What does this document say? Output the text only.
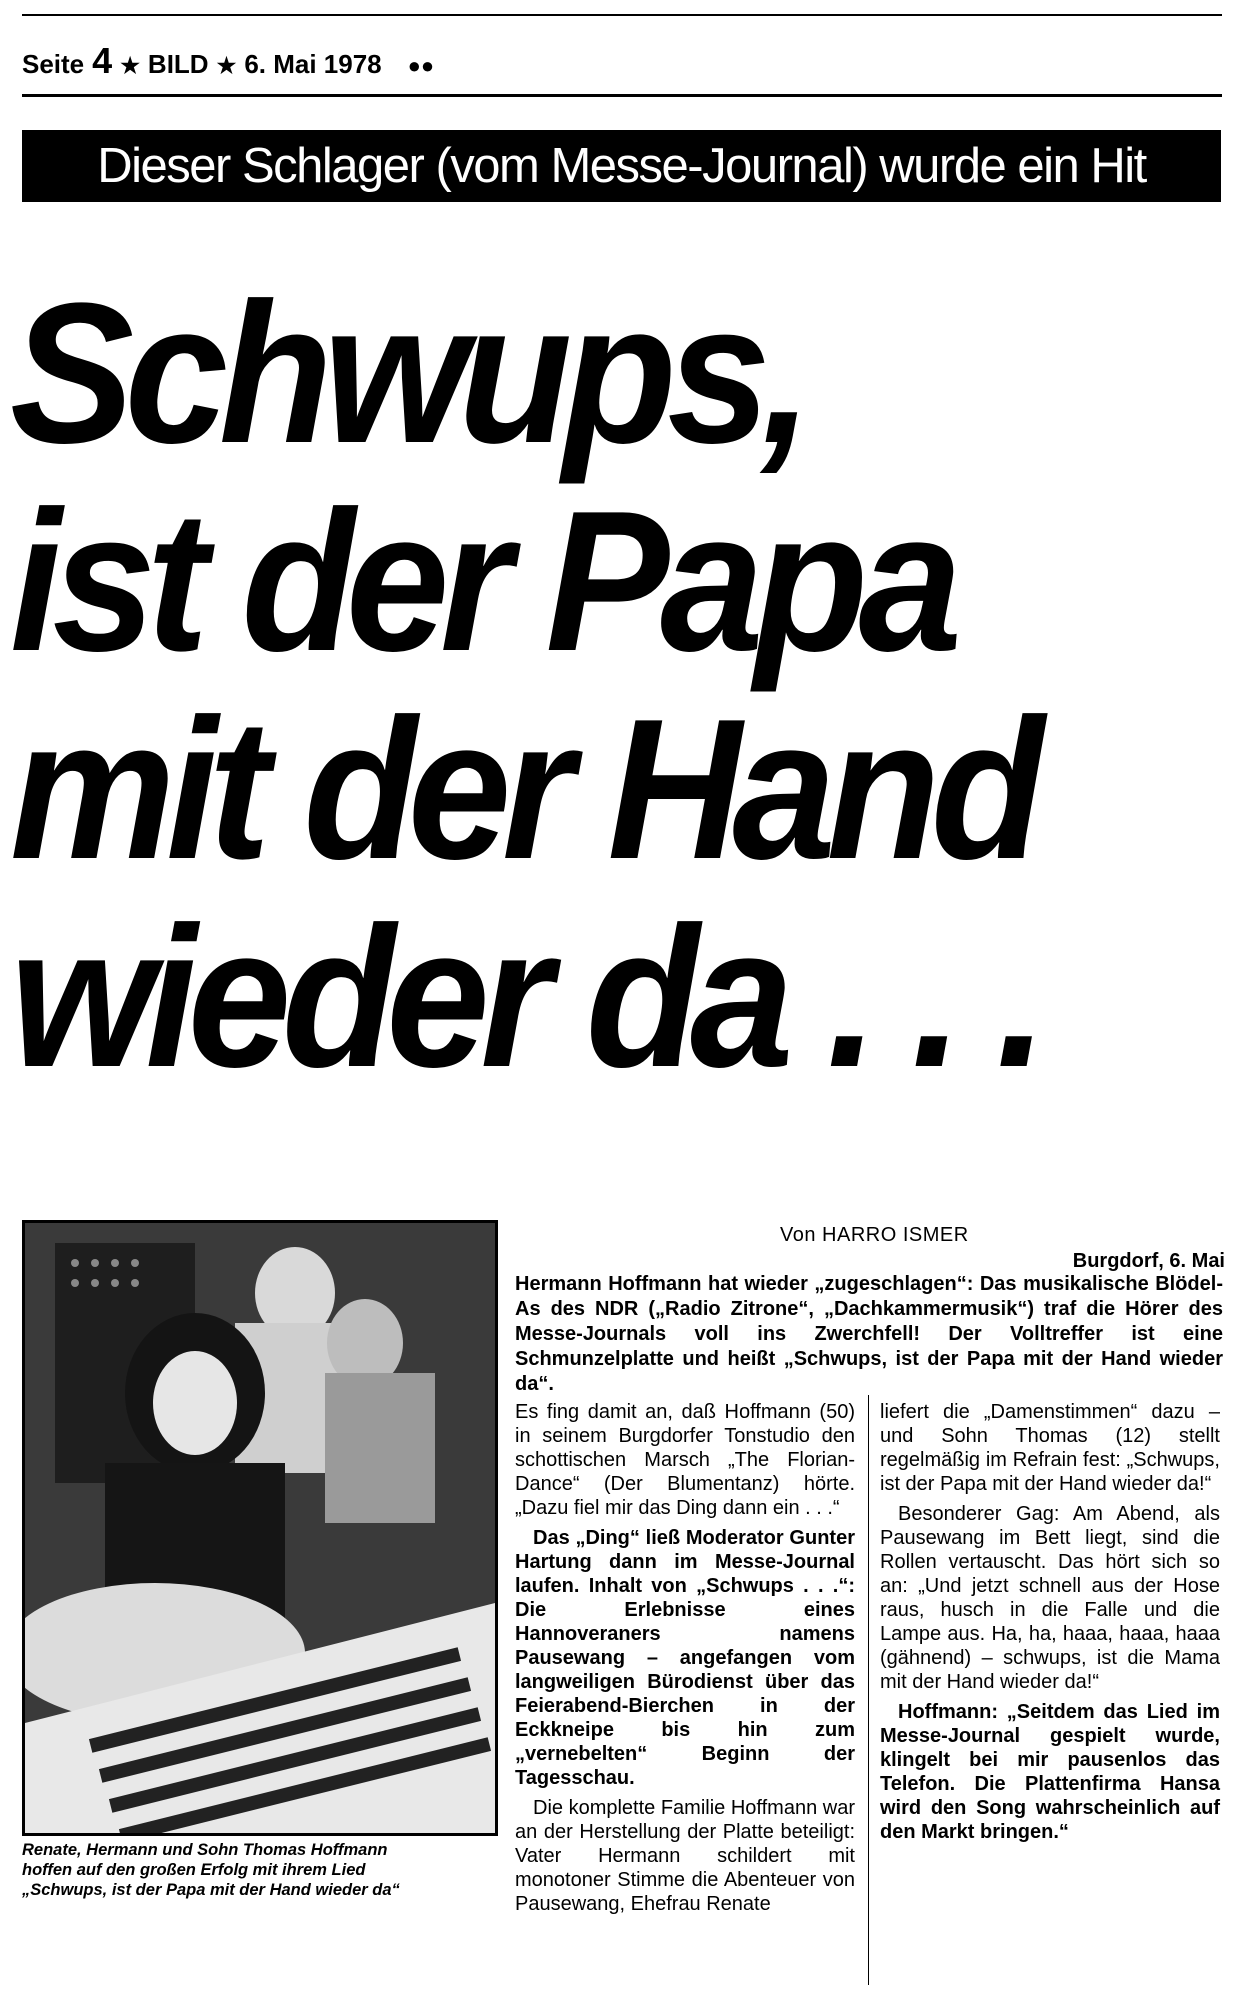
Seite 4 ★ BILD ★ 6. Mai 1978 ●●
Dieser Schlager (vom Messe-Journal) wurde ein Hit
Schwups,
ist der Papa
mit der Hand
wieder da . . .
Renate, Hermann und Sohn Thomas Hoffmann
hoffen auf den großen Erfolg mit ihrem Lied
„Schwups, ist der Papa mit der Hand wieder da“
Von HARRO ISMER
Burgdorf, 6. Mai
Hermann Hoffmann hat wieder „zugeschlagen“: Das musikalische Blödel-As des NDR („Radio Zitrone“, „Dachkammermusik“) traf die Hörer des Messe-Journals voll ins Zwerchfell! Der Volltreffer ist eine Schmunzelplatte und heißt „Schwups, ist der Papa mit der Hand wieder da“.

Es fing damit an, daß Hoffmann (50) in seinem Burgdorfer Tonstudio den schottischen Marsch „The Florian-Dance“ (Der Blumentanz) hörte. „Dazu fiel mir das Ding dann ein . . .“

Das „Ding“ ließ Moderator Gunter Hartung dann im Messe-Journal laufen. Inhalt von „Schwups . . .“: Die Erlebnisse eines Hannoveraners namens Pausewang – angefangen vom langweiligen Bürodienst über das Feierabend-Bierchen in der Eckkneipe bis hin zum „vernebelten“ Beginn der Tagesschau.

Die komplette Familie Hoffmann war an der Herstellung der Platte beteiligt: Vater Hermann schildert mit monotoner Stimme die Abenteuer von Pausewang, Ehefrau Renate

liefert die „Damenstimmen“ dazu – und Sohn Thomas (12) stellt regelmäßig im Refrain fest: „Schwups, ist der Papa mit der Hand wieder da!“

Besonderer Gag: Am Abend, als Pausewang im Bett liegt, sind die Rollen vertauscht. Das hört sich so an: „Und jetzt schnell aus der Hose raus, husch in die Falle und die Lampe aus. Ha, ha, haaa, haaa, haaa (gähnend) – schwups, ist die Mama mit der Hand wieder da!“

Hoffmann: „Seitdem das Lied im Messe-Journal gespielt wurde, klingelt bei mir pausenlos das Telefon. Die Plattenfirma Hansa wird den Song wahrscheinlich auf den Markt bringen.“
